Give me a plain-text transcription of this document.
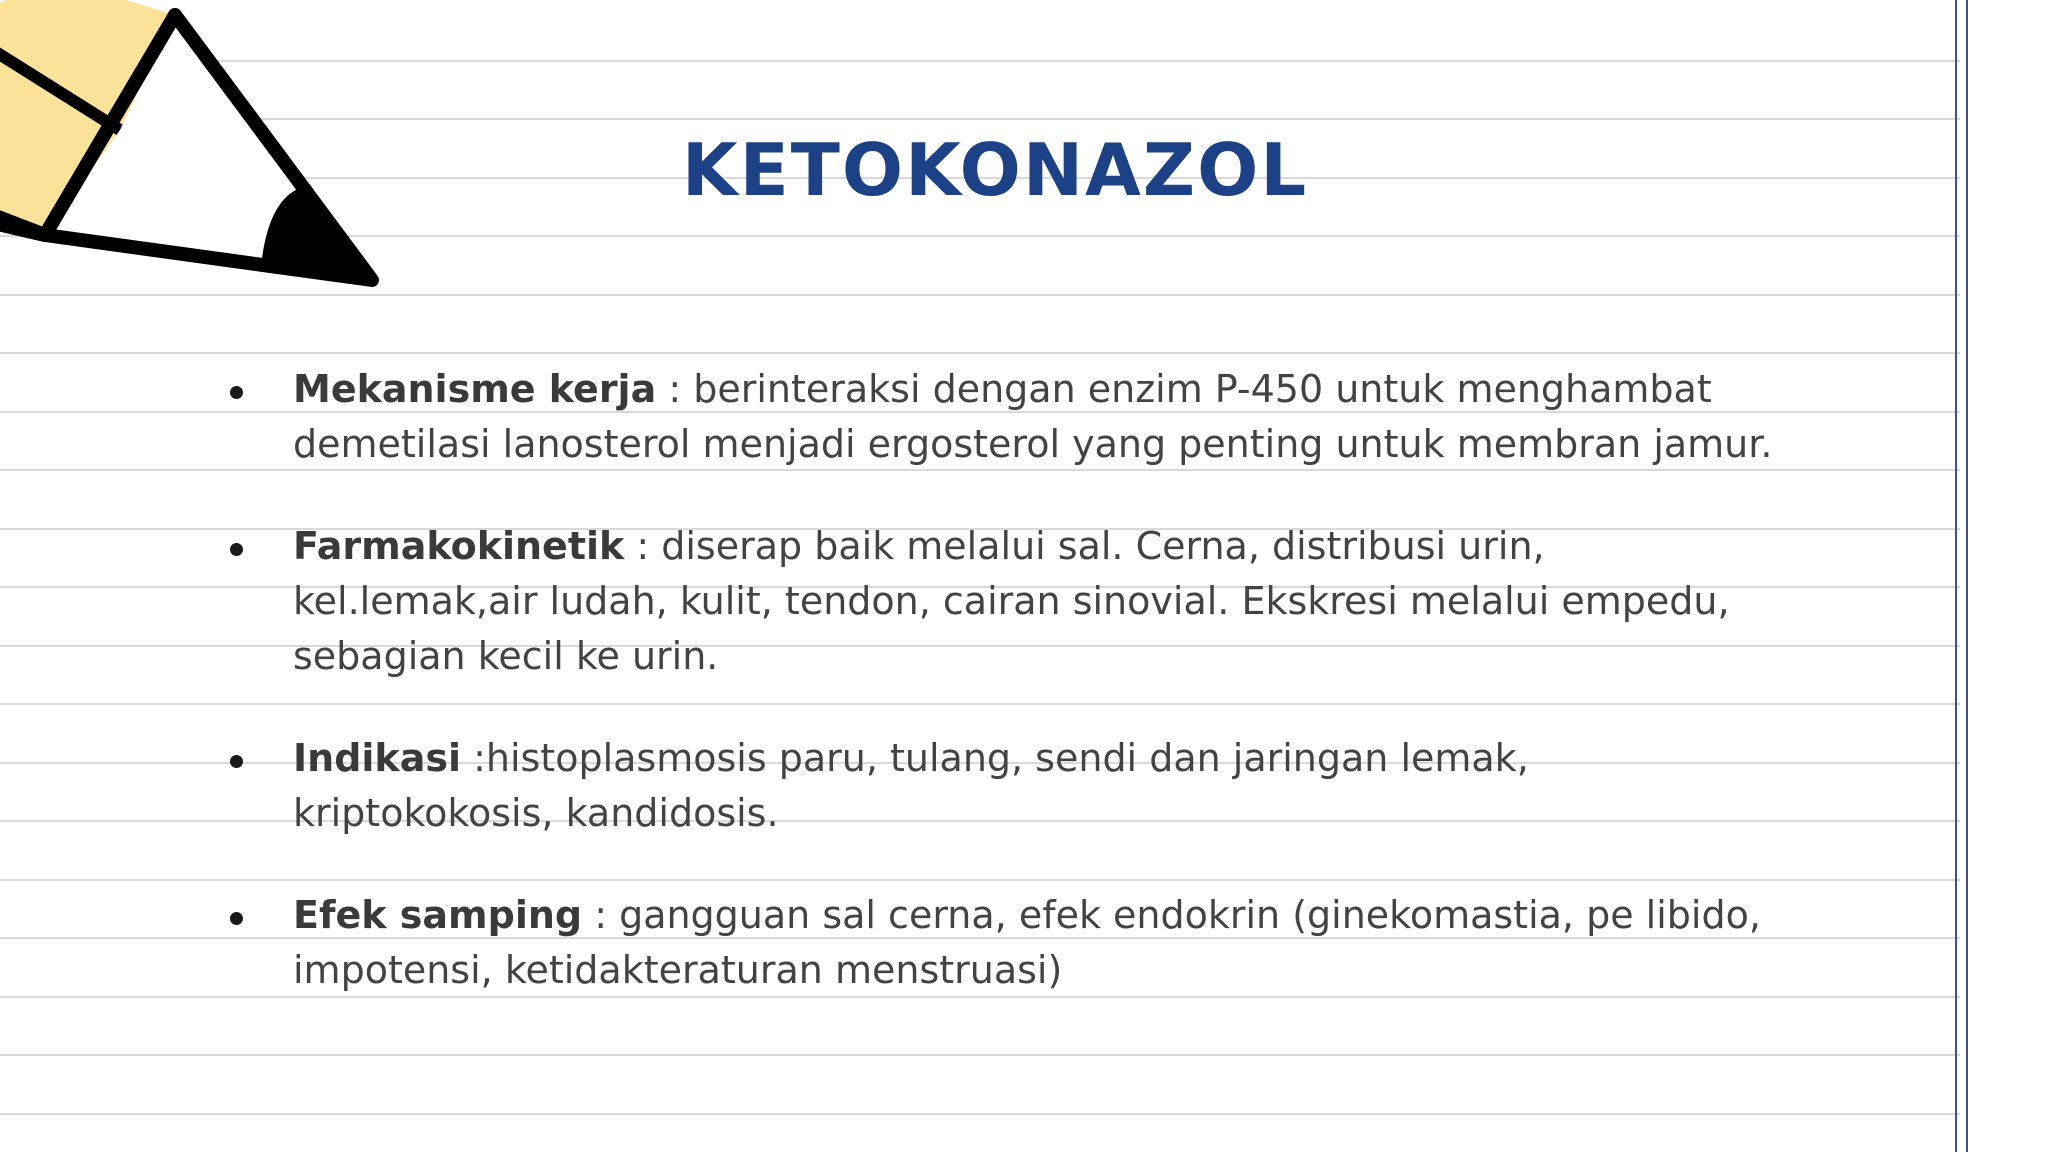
KETOKONAZOL
Mekanisme kerja : berinteraksi dengan enzim P-450 untuk menghambat demetilasi lanosterol menjadi ergosterol yang penting untuk membran jamur.
Farmakokinetik : diserap baik melalui sal. Cerna, distribusi urin, kel.lemak,air ludah, kulit, tendon, cairan sinovial. Ekskresi melalui empedu, sebagian kecil ke urin.
Indikasi :histoplasmosis paru, tulang, sendi dan jaringan lemak, kriptokokosis, kandidosis.
Efek samping : gangguan sal cerna, efek endokrin (ginekomastia, pe libido, impotensi, ketidakteraturan menstruasi)
